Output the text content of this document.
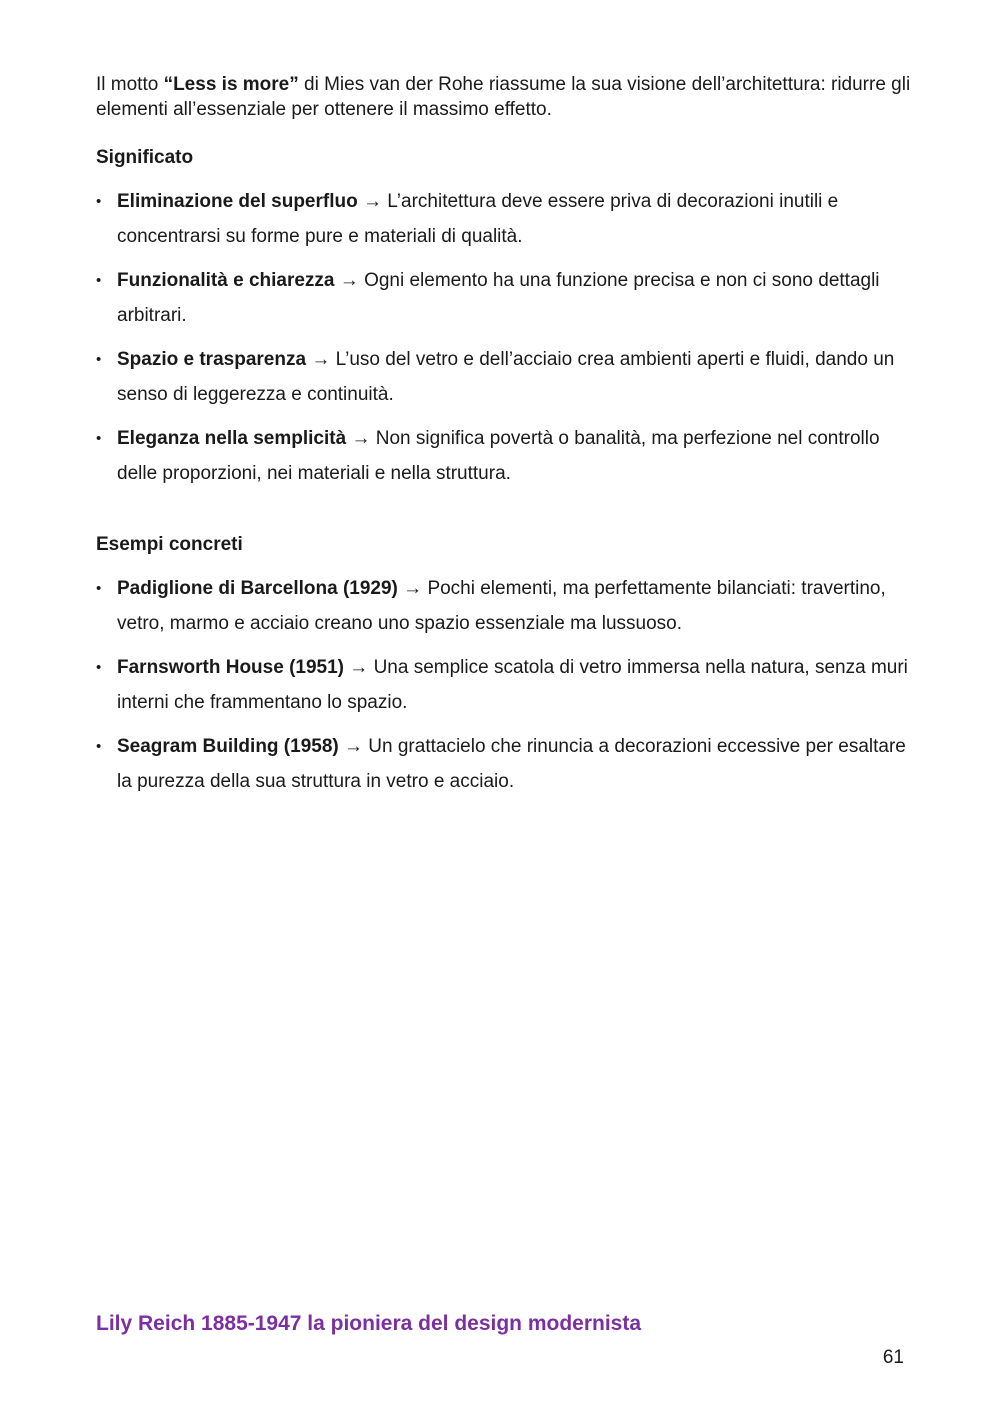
Il motto “Less is more” di Mies van der Rohe riassume la sua visione dell’architettura: ridurre gli elementi all’essenziale per ottenere il massimo effetto.

Significato
• Eliminazione del superfluo → L’architettura deve essere priva di decorazioni inutili e concentrarsi su forme pure e materiali di qualità.
• Funzionalità e chiarezza → Ogni elemento ha una funzione precisa e non ci sono dettagli arbitrari.
• Spazio e trasparenza → L’uso del vetro e dell’acciaio crea ambienti aperti e fluidi, dando un senso di leggerezza e continuità.
• Eleganza nella semplicità → Non significa povertà o banalità, ma perfezione nel controllo delle proporzioni, nei materiali e nella struttura.
Esempi concreti
• Padiglione di Barcellona (1929) → Pochi elementi, ma perfettamente bilanciati: travertino, vetro, marmo e acciaio creano uno spazio essenziale ma lussuoso.
• Farnsworth House (1951) → Una semplice scatola di vetro immersa nella natura, senza muri interni che frammentano lo spazio.
• Seagram Building (1958) → Un grattacielo che rinuncia a decorazioni eccessive per esaltare la purezza della sua struttura in vetro e acciaio.
Lily Reich 1885-1947 la pioniera del design modernista

61
